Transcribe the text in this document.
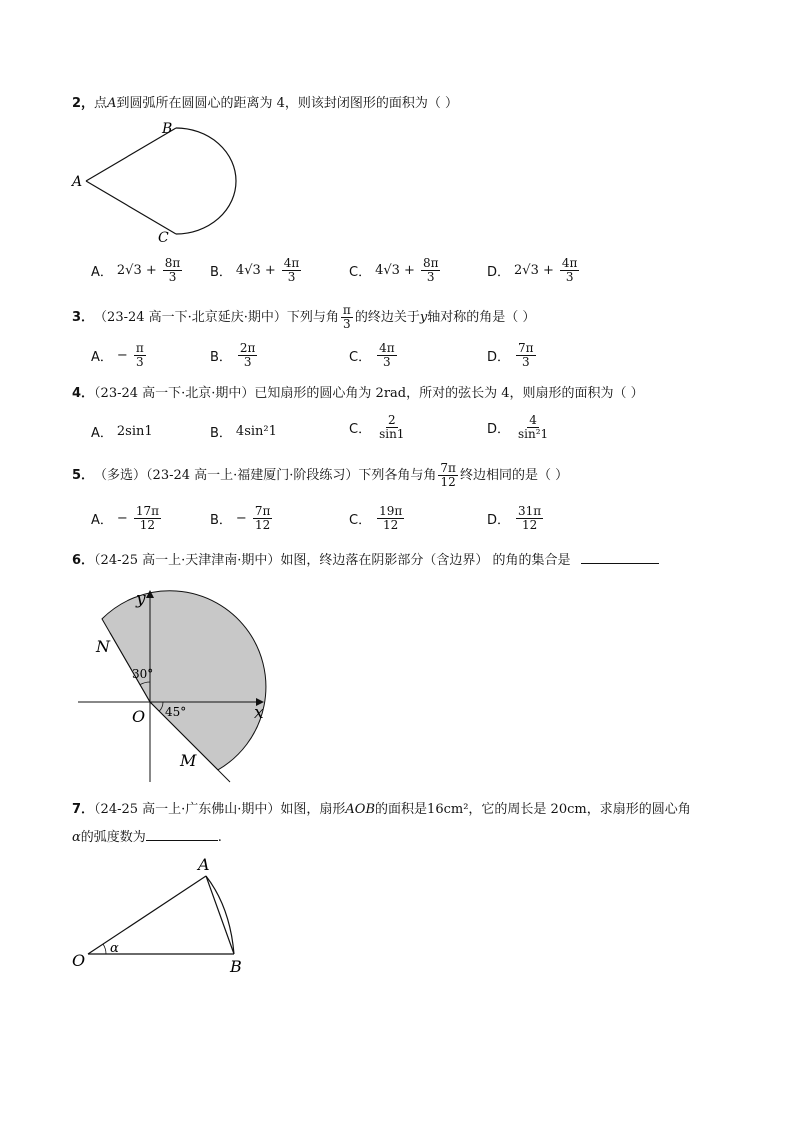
2，点A到圆弧所在圆圆心的距离为 4，则该封闭图形的面积为（ ）
A
B
C
A． $2√3 + \frac{8\pi}{3}$ B． $4√3 + \frac{4\pi}{3}$	C． $4√3 + \frac{8\pi}{3}$	D． $2√3 + \frac{4\pi}{3}$
3． （23-24 高一下·北京延庆·期中）下列与角 $\frac{\pi}{3}$ 的终边关于 y 轴对称的角是（ ）
A． − $\frac{\pi}{3}$	B． $\frac{2\pi}{3}$	C． $\frac{4\pi}{3}$	D． $\frac{7\pi}{3}$
4．（23-24 高一下·北京·期中）已知扇形的圆心角为 2rad，所对的弦长为 4，则扇形的面积为（ ）
A． 2sin1	B． 4sin²1	C． $\frac{2}{\sin 1}$	D． $\frac{4}{\text{sin²1}}$
5． （多选）（23-24 高一上·福建厦门·阶段练习）下列各角与角 $\frac{7\pi}{12}$ 终边相同的是（ ）
A． − $\frac{17\pi}{12}$	B． − $\frac{7\pi}{12}$	C． $\frac{19\pi}{12}$	D． $\frac{31\pi}{12}$
6．（24-25 高一上·天津津南·期中）如图，终边落在阴影部分（含边界） 的角的集合是
y
x
N
O
M
30°
45°
7．（24-25 高一上·广东佛山·期中）如图，扇形AOB的面积是16cm²，它的周长是 20cm，求扇形的圆心角
α的弧度数为	.
A
O	B
α
